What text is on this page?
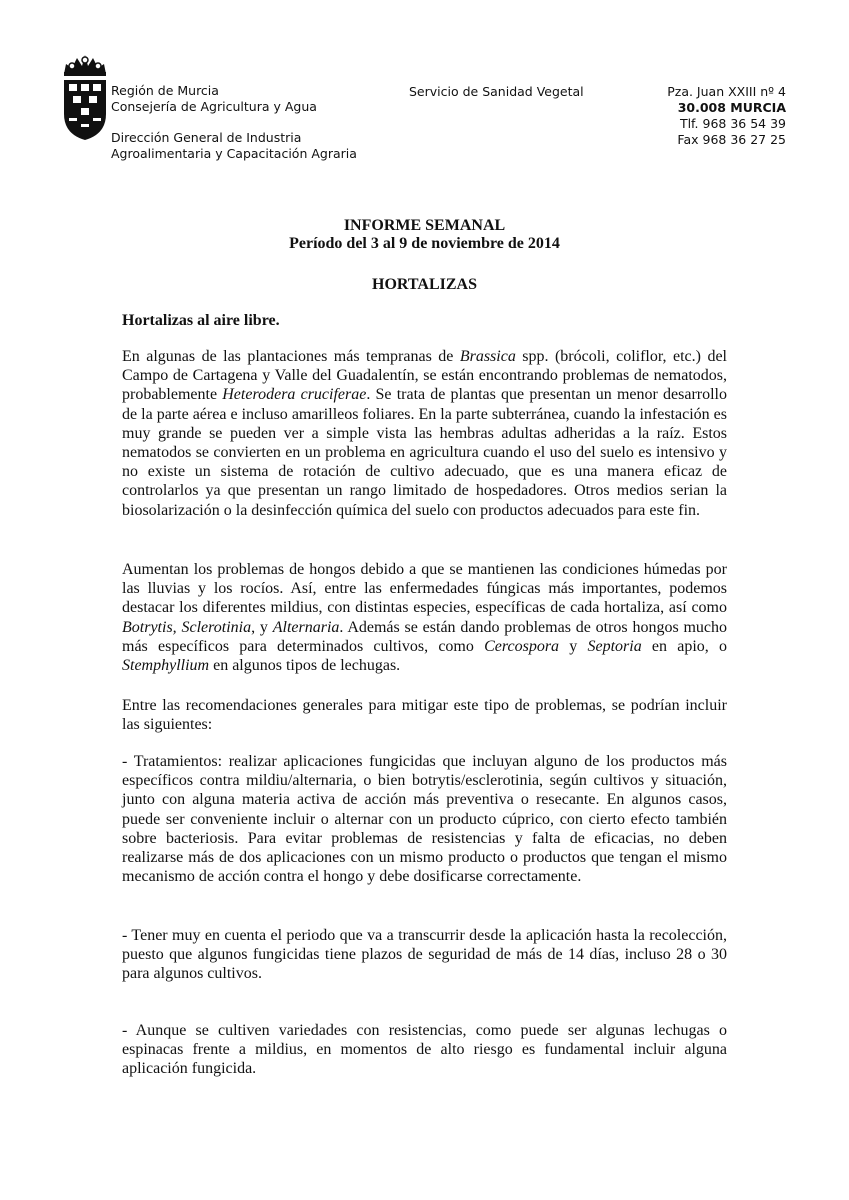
Región de Murcia
Consejería de Agricultura y Agua
Dirección General de Industria
Agroalimentaria y Capacitación Agraria
Servicio de Sanidad Vegetal	Pza. Juan XXIII nº 4
30.008 MURCIA
Tlf. 968 36 54 39
Fax 968 36 27 25
INFORME SEMANAL
Período del 3 al 9 de noviembre de 2014
HORTALIZAS
Hortalizas al aire libre.

En algunas de las plantaciones más tempranas de Brassica spp. (brócoli, coliflor, etc.) del Campo de Cartagena y Valle del Guadalentín, se están encontrando problemas de nematodos, probablemente Heterodera cruciferae. Se trata de plantas que presentan un menor desarrollo de la parte aérea e incluso amarilleos foliares. En la parte subterránea, cuando la infestación es muy grande se pueden ver a simple vista las hembras adultas adheridas a la raíz. Estos nematodos se convierten en un problema en agricultura cuando el uso del suelo es intensivo y no existe un sistema de rotación de cultivo adecuado, que es una manera eficaz de controlarlos ya que presentan un rango limitado de hospedadores. Otros medios serian la biosolarización o la desinfección química del suelo con productos adecuados para este fin.

Aumentan los problemas de hongos debido a que se mantienen las condiciones húmedas por las lluvias y los rocíos. Así, entre las enfermedades fúngicas más importantes, podemos destacar los diferentes mildius, con distintas especies, específicas de cada hortaliza, así como Botrytis, Sclerotinia, y Alternaria. Además se están dando problemas de otros hongos mucho más específicos para determinados cultivos, como Cercospora y Septoria en apio, o Stemphyllium en algunos tipos de lechugas.

Entre las recomendaciones generales para mitigar este tipo de problemas, se podrían incluir las siguientes:

- Tratamientos: realizar aplicaciones fungicidas que incluyan alguno de los productos más específicos contra mildiu/alternaria, o bien botrytis/esclerotinia, según cultivos y situación, junto con alguna materia activa de acción más preventiva o resecante. En algunos casos, puede ser conveniente incluir o alternar con un producto cúprico, con cierto efecto también sobre bacteriosis. Para evitar problemas de resistencias y falta de eficacias, no deben realizarse más de dos aplicaciones con un mismo producto o productos que tengan el mismo mecanismo de acción contra el hongo y debe dosificarse correctamente.

- Tener muy en cuenta el periodo que va a transcurrir desde la aplicación hasta la recolección, puesto que algunos fungicidas tiene plazos de seguridad de más de 14 días, incluso 28 o 30 para algunos cultivos.

- Aunque se cultiven variedades con resistencias, como puede ser algunas lechugas o espinacas frente a mildius, en momentos de alto riesgo es fundamental incluir alguna aplicación fungicida.
